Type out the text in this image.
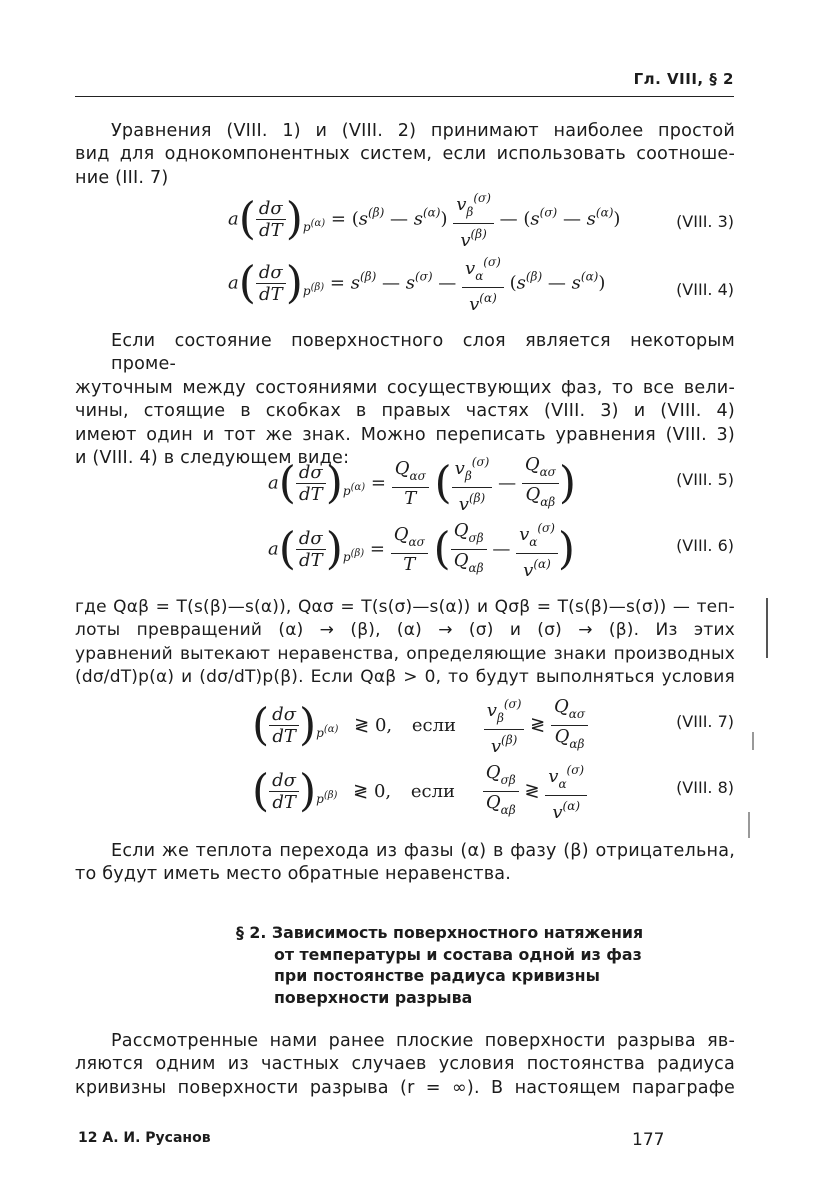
Гл. VIII, § 2
Уравнения (VIII. 1) и (VIII. 2) принимают наиболее простой
вид для однокомпонентных систем, если использовать соотноше-
ние (III. 7)
$a( \frac{d\sigma}{dT} )_{p^{(\alpha)}} = (s^{(\beta)}$ — $s^{(\alpha)}) \frac{v_\beta^{(\sigma)}}{v^{(\beta)}}$ — ($s^{(\sigma)}$ — $s^{(\alpha)}$)	(VIII. 3)
$a( \frac{d\sigma}{dT} )_{p^{(\beta)}} = s^{(\beta)}$ — $s^{(\sigma)}$ — $\frac{v_\alpha^{(\sigma)}}{v^{(\alpha)}} (s^{(\beta)}$ — $s^{(\alpha)}$)	(VIII. 4)
Если состояние поверхностного слоя является некоторым проме-
жуточным между состояниями сосуществующих фаз, то все вели-
чины, стоящие в скобках в правых частях (VIII. 3) и (VIII. 4)
имеют один и тот же знак. Можно переписать уравнения (VIII. 3)
и (VIII. 4) в следующем виде:
$a( \frac{d\sigma}{dT} )_{p^{(\alpha)}}$ =
$Q_{\alpha\sigma}$
T ( $\frac{v_\beta^{(\sigma)}}{v^{(\beta)}}$ —
$Q_{\alpha\sigma}$
$Q_{\alpha\beta}$ )	(VIII. 5)
$a( \frac{d\sigma}{dT} )_{p^{(\beta)}}$ =
$Q_{\alpha\sigma}$
T ( $Q_{\sigma\beta}$
$Q_{\alpha\beta}$
— $\frac{v_\alpha^{(\sigma)}}{v^{(\alpha)}}$ )	(VIII. 6)
где Qαβ = T(s(β)—s(α)), Qασ = T(s(σ)—s(α)) и Qσβ = T(s(β)—s(σ)) — теп-
лоты превращений (α) → (β), (α) → (σ) и (σ) → (β). Из этих
уравнений вытекают неравенства, определяющие знаки производных
(dσ/dT)p(α) и (dσ/dT)p(β). Если Qαβ > 0, то будут выполняться условия
( $\frac{d\sigma}{dT} )_{p^{(\alpha)}}$ ≷ 0, если $\frac{v_\beta^{(\sigma)}}{v^{(\beta)}}$ ≷
$Q_{\alpha\sigma}$
$Q_{\alpha\beta}$
(VIII. 7)
( $\frac{d\sigma}{dT} )_{p^{(\beta)}}$ ≷ 0, если
$Q_{\sigma\beta}$
$Q_{\alpha\beta}$
≷ $\frac{v_\alpha^{(\sigma)}}{v^{(\alpha)}}$	(VIII. 8)
Если же теплота перехода из фазы (α) в фазу (β) отрицательна,
то будут иметь место обратные неравенства.
§ 2. Зависимость поверхностного натяжения
от температуры и состава одной из фаз
при постоянстве радиуса кривизны
поверхности разрыва
Рассмотренные нами ранее плоские поверхности разрыва яв-
ляются одним из частных случаев условия постоянства радиуса
кривизны поверхности разрыва (r = ∞). В настоящем параграфе
12 А. И. Русанов	177
